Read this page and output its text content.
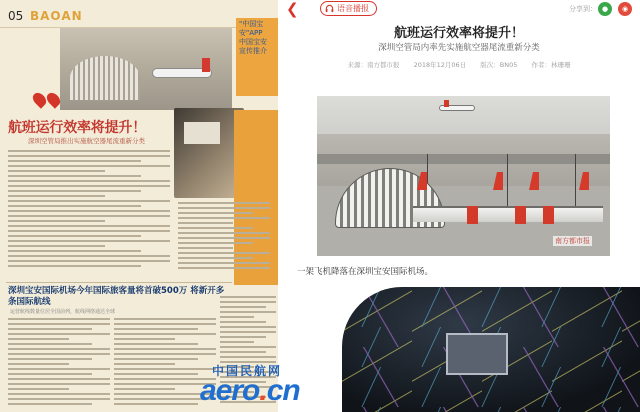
05 BAOAN
"中国宝
安"APP
中国宝安
宣传推介
航班运行效率将提升！
深圳空管局推出实施航空器尾流重新分类
深圳宝安国际机场今年国际旅客量将首破500万 将新开多条国际航线
运营航线数量位居全国前列，航线网络通达全球
❮	语音播报	分享到： ●	◉
航班运行效率将提升！
深圳空管局内率先实施航空器尾流重新分类
来源：南方都市报 2018年12月06日 版次：BN05 作者：林珊珊
南方都市报
一架飞机降落在深圳宝安国际机场。
中国民航网
aero.cn
